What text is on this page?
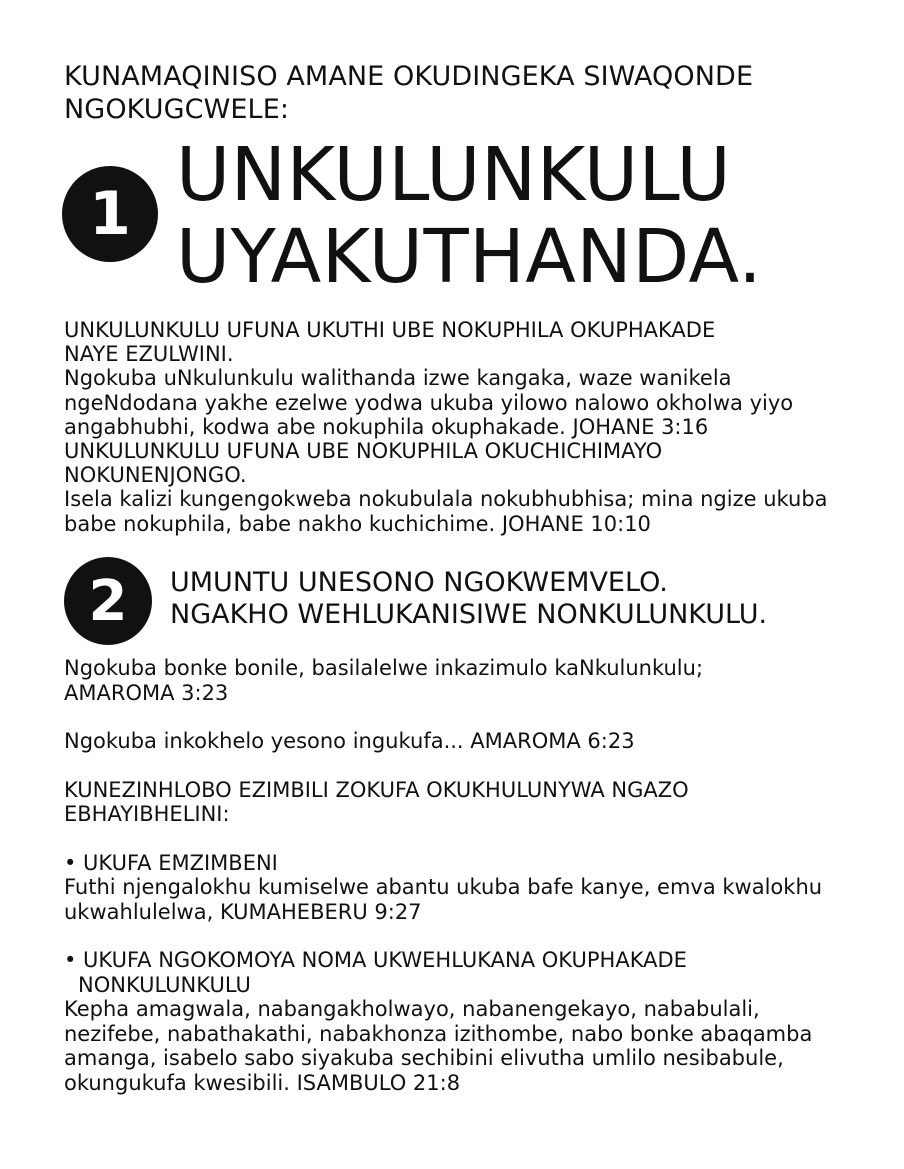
KUNAMAQINISO AMANE OKUDINGEKA SIWAQONDE
NGOKUGCWELE:
1 UNKULUNKULU
UYAKUTHANDA.
UNKULUNKULU UFUNA UKUTHI UBE NOKUPHILA OKUPHAKADE
NAYE EZULWINI.
Ngokuba uNkulunkulu walithanda izwe kangaka, waze wanikela
ngeNdodana yakhe ezelwe yodwa ukuba yilowo nalowo okholwa yiyo
angabhubhi, kodwa abe nokuphila okuphakade. JOHANE 3:16
UNKULUNKULU UFUNA UBE NOKUPHILA OKUCHICHIMAYO
NOKUNENJONGO.
Isela kalizi kungengokweba nokubulala nokubhubhisa; mina ngize ukuba
babe nokuphila, babe nakho kuchichime. JOHANE 10:10
2	UMUNTU UNESONO NGOKWEMVELO.
NGAKHO WEHLUKANISIWE NONKULUNKULU.
Ngokuba bonke bonile, basilalelwe inkazimulo kaNkulunkulu;
AMAROMA 3:23
Ngokuba inkokhelo yesono ingukufa... AMAROMA 6:23
KUNEZINHLOBO EZIMBILI ZOKUFA OKUKHULUNYWA NGAZO
EBHAYIBHELINI:
• UKUFA EMZIMBENI
Futhi njengalokhu kumiselwe abantu ukuba bafe kanye, emva kwalokhu
ukwahlulelwa, KUMAHEBERU 9:27
• UKUFA NGOKOMOYA NOMA UKWEHLUKANA OKUPHAKADE
NONKULUNKULU
Kepha amagwala, nabangakholwayo, nabanengekayo, nababulali,
nezifebe, nabathakathi, nabakhonza izithombe, nabo bonke abaqamba
amanga, isabelo sabo siyakuba sechibini elivutha umlilo nesibabule,
okungukufa kwesibili. ISAMBULO 21:8
